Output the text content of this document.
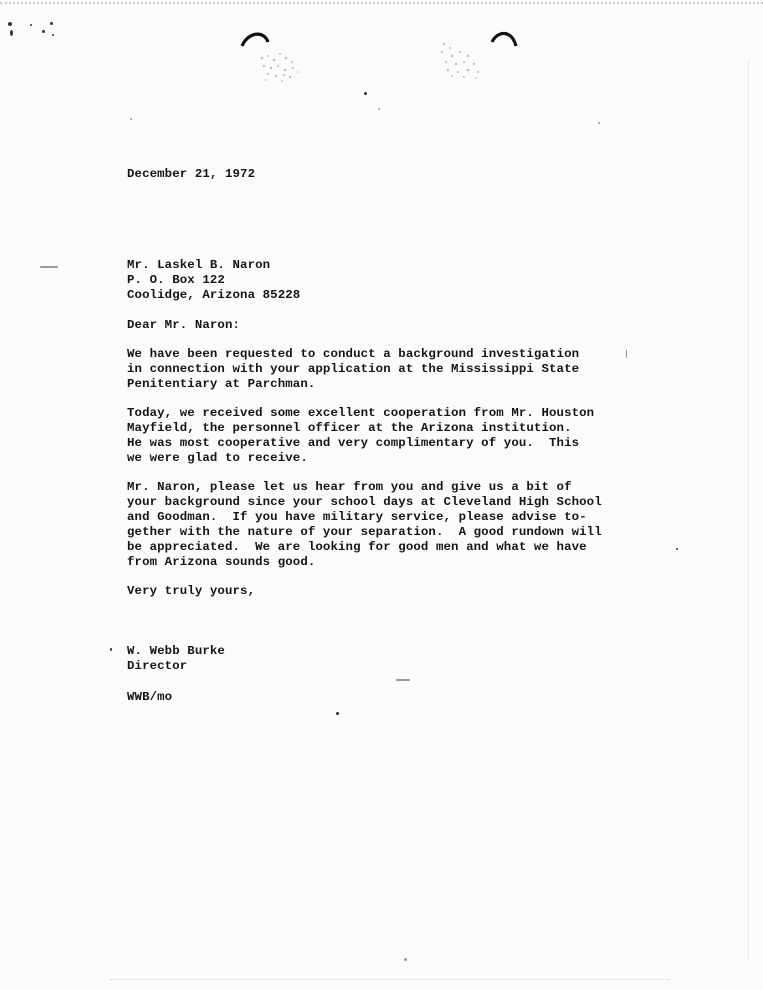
December 21, 1972
Mr. Laskel B. Naron
P. O. Box 122
Coolidge, Arizona 85228
Dear Mr. Naron:
We have been requested to conduct a background investigation
in connection with your application at the Mississippi State
Penitentiary at Parchman.
Today, we received some excellent cooperation from Mr. Houston
Mayfield, the personnel officer at the Arizona institution.
He was most cooperative and very complimentary of you.  This
we were glad to receive.
Mr. Naron, please let us hear from you and give us a bit of
your background since your school days at Cleveland High School
and Goodman.  If you have military service, please advise to-
gether with the nature of your separation.  A good rundown will
be appreciated.  We are looking for good men and what we have
from Arizona sounds good.
Very truly yours,
W. Webb Burke
Director
WWB/mo
